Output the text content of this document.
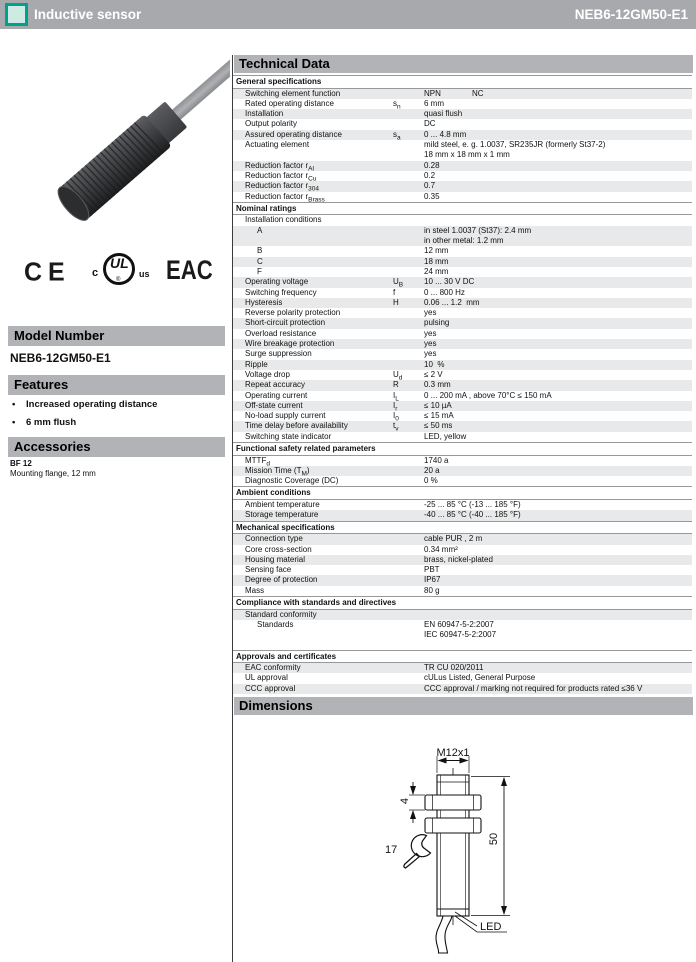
Inductive sensor	NEB6-12GM50-E1
CE c
UL
®
us EAC
Model Number
NEB6-12GM50-E1
Features
•	Increased operating distance
•	6 mm flush
Accessories
BF 12
Mounting flange, 12 mm
Technical Data
General specifications
Switching element function	NPN              NC
Rated operating distance	$s_n$	6 mm
Installation	quasi flush
Output polarity	DC
Assured operating distance	$s_a$	0 ... 4.8 mm
Actuating element	mild steel, e. g. 1.0037, SR235JR (formerly St37-2)
18 mm x 18 mm x 1 mm
Reduction factor $r_{Al}$	0.28
Reduction factor $r_{Cu}$	0.2
Reduction factor $r_{304}$	0.7
Reduction factor $r_{Brass}$	0.35
Nominal ratings
Installation conditions
A	in steel 1.0037 (St37): 2.4 mm
in other metal: 1.2 mm
B	12 mm
C	18 mm
F	24 mm
Operating voltage	$U_B$	10 ... 30 V DC
Switching frequency	f	0 ... 800 Hz
Hysteresis	H	0.06 ... 1.2  mm
Reverse polarity protection	yes
Short-circuit protection	pulsing
Overload resistance	yes
Wire breakage protection	yes
Surge suppression	yes
Ripple	10  %
Voltage drop	$U_d$	≤ 2 V
Repeat accuracy	R	0.3 mm
Operating current	$I_L$	0 ... 200 mA , above 70°C ≤ 150 mA
Off-state current	$I_r$	≤ 10 µA
No-load supply current	$I_0$	≤ 15 mA
Time delay before availability	$t_v$	≤ 50 ms
Switching state indicator	LED, yellow
Functional safety related parameters
$MTTF_d$	1740 a
Mission Time $(T_M)$	20 a
Diagnostic Coverage (DC)	0 %
Ambient conditions
Ambient temperature	-25 ... 85 °C (-13 ... 185 °F)
Storage temperature	-40 ... 85 °C (-40 ... 185 °F)
Mechanical specifications
Connection type	cable PUR , 2 m
Core cross-section	0.34 mm²
Housing material	brass, nickel-plated
Sensing face	PBT
Degree of protection	IP67
Mass	80 g
Compliance with standards and directives
Standard conformity
Standards	EN 60947-5-2:2007
IEC 60947-5-2:2007
Approvals and certificates
EAC conformity	TR CU 020/2011
UL approval	cULus Listed, General Purpose
CCC approval	CCC approval / marking not required for products rated ≤36 V
Dimensions
M12x1
4
17
50
LED
